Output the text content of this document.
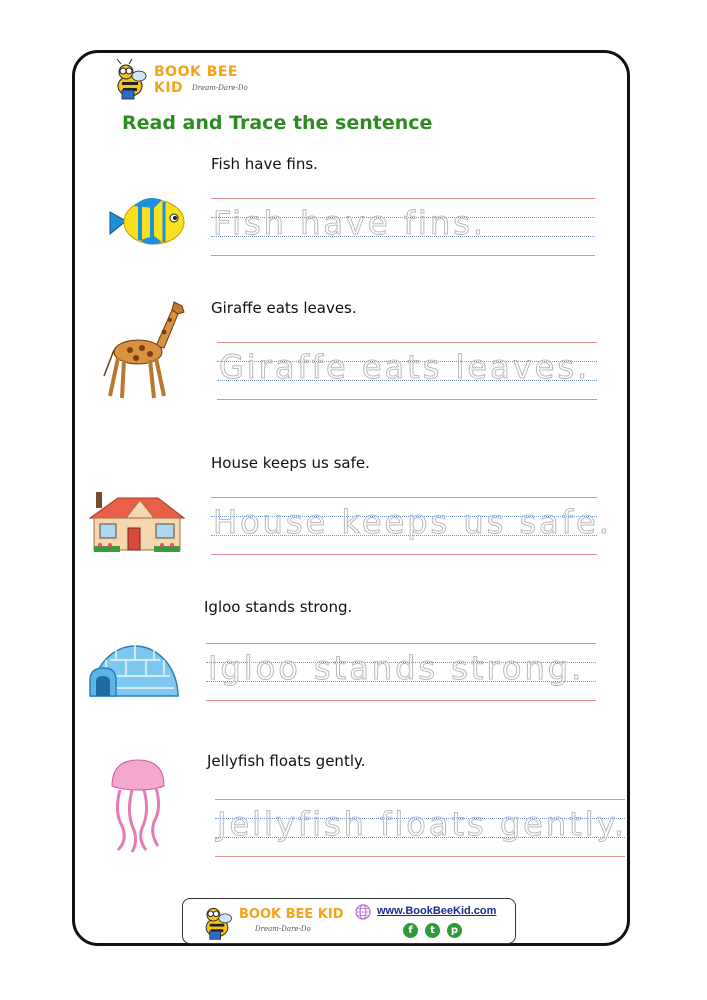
BOOK BEE KID	Dream-Dare-Do
Read and Trace the sentence
Fish have fins.
Fish have fins.
Giraffe eats leaves.
Giraffe eats leaves.
House keeps us safe.
House keeps us safe.
Igloo stands strong.
Igloo stands strong.
Jellyfish floats gently.
Jellyfish floats gently.
BOOK BEE KID
Dream-Dare-Do
www.BookBeeKid.com
f	t	p
